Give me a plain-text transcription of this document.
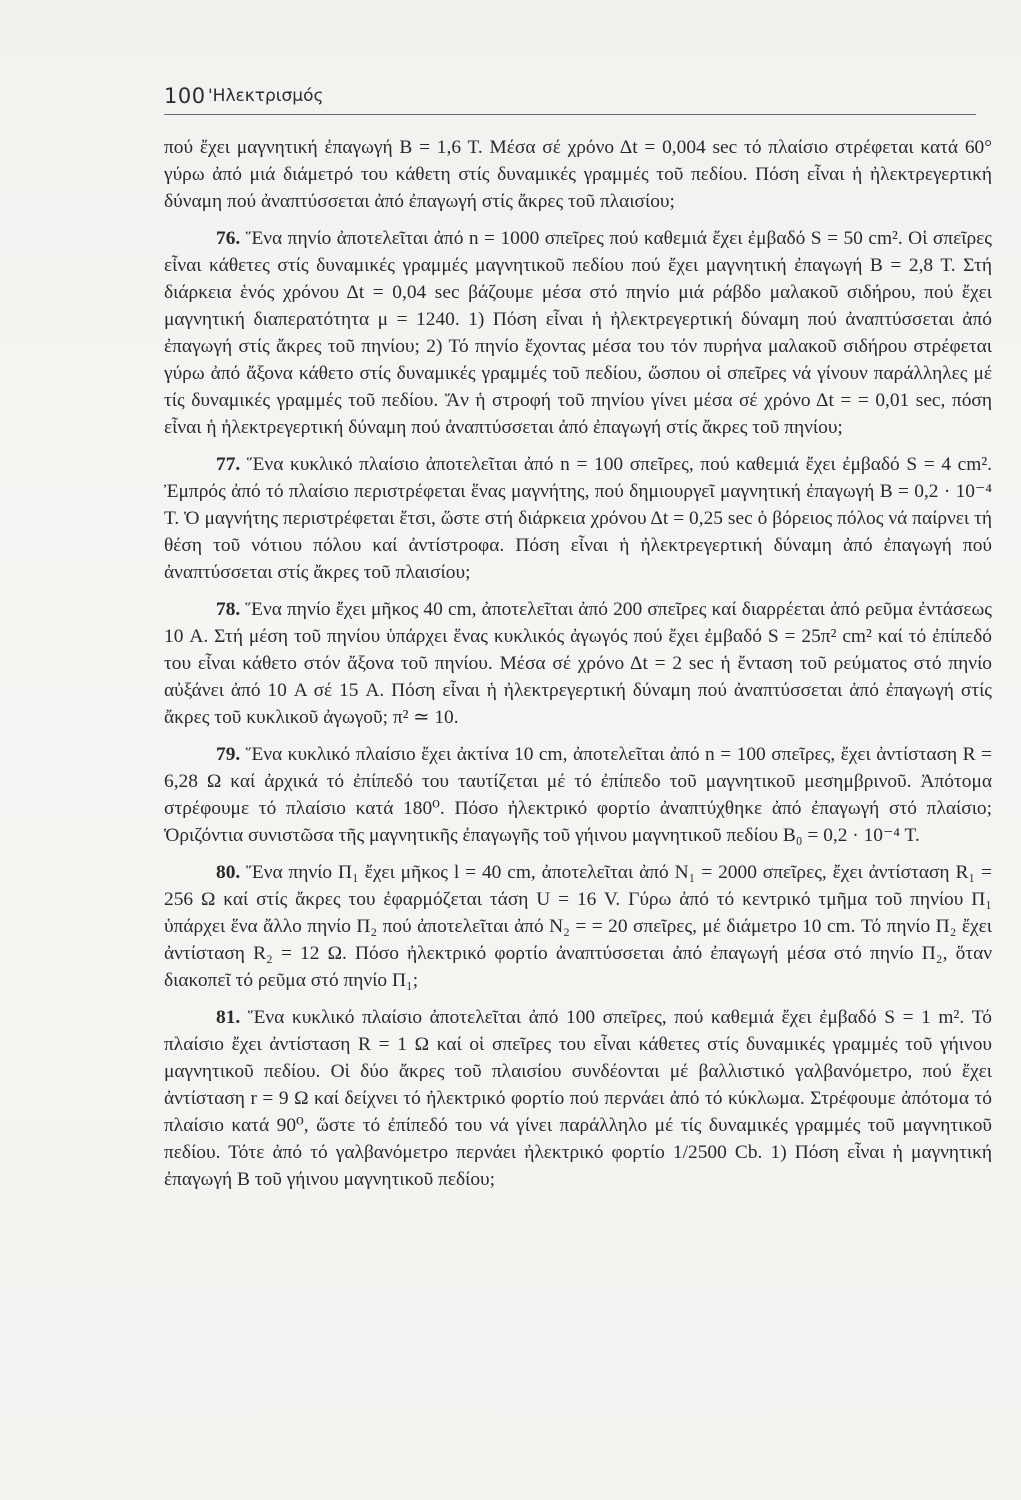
100 'Ηλεκτρισμός

πού ἔχει μαγνητική ἐπαγωγή B = 1,6 T. Μέσα σέ χρόνο Δt = 0,004 sec τό πλαίσιο στρέφεται κατά 60° γύρω ἀπό μιά διάμετρό του κάθετη στίς δυναμικές γραμμές τοῦ πεδίου. Πόση εἶναι ἡ ἠλεκτρεγερτική δύναμη πού ἀναπτύσσεται ἀπό ἐπαγωγή στίς ἄκρες τοῦ πλαισίου;

76. Ἕνα πηνίο ἀποτελεῖται ἀπό n = 1000 σπεῖρες πού καθεμιά ἔχει ἐμβαδό S = 50 cm². Οἱ σπεῖρες εἶναι κάθετες στίς δυναμικές γραμμές μαγνητικοῦ πεδίου πού ἔχει μαγνητική ἐπαγωγή B = 2,8 T. Στή διάρκεια ἑνός χρόνου Δt = 0,04 sec βάζουμε μέσα στό πηνίο μιά ράβδο μαλακοῦ σιδήρου, πού ἔχει μαγνητική διαπερατότητα μ = 1240. 1) Πόση εἶναι ἡ ἠλεκτρεγερτική δύναμη πού ἀναπτύσσεται ἀπό ἐπαγωγή στίς ἄκρες τοῦ πηνίου; 2) Τό πηνίο ἔχοντας μέσα του τόν πυρήνα μαλακοῦ σιδήρου στρέφεται γύρω ἀπό ἄξονα κάθετο στίς δυναμικές γραμμές τοῦ πεδίου, ὥσπου οἱ σπεῖρες νά γίνουν παράλληλες μέ τίς δυναμικές γραμμές τοῦ πεδίου. Ἄν ἡ στροφή τοῦ πηνίου γίνει μέσα σέ χρόνο Δt = = 0,01 sec, πόση εἶναι ἡ ἠλεκτρεγερτική δύναμη πού ἀναπτύσσεται ἀπό ἐπαγωγή στίς ἄκρες τοῦ πηνίου;

77. Ἕνα κυκλικό πλαίσιο ἀποτελεῖται ἀπό n = 100 σπεῖρες, πού καθεμιά ἔχει ἐμβαδό S = 4 cm². Ἐμπρός ἀπό τό πλαίσιο περιστρέφεται ἕνας μαγνήτης, πού δημιουργεῖ μαγνητική ἐπαγωγή B = 0,2 · 10⁻⁴ T. Ὁ μαγνήτης περιστρέφεται ἔτσι, ὥστε στή διάρκεια χρόνου Δt = 0,25 sec ὁ βόρειος πόλος νά παίρνει τή θέση τοῦ νότιου πόλου καί ἀντίστροφα. Πόση εἶναι ἡ ἠλεκτρεγερτική δύναμη ἀπό ἐπαγωγή πού ἀναπτύσσεται στίς ἄκρες τοῦ πλαισίου;

78. Ἕνα πηνίο ἔχει μῆκος 40 cm, ἀποτελεῖται ἀπό 200 σπεῖρες καί διαρρέεται ἀπό ρεῦμα ἐντάσεως 10 A. Στή μέση τοῦ πηνίου ὑπάρχει ἕνας κυκλικός ἀγωγός πού ἔχει ἐμβαδό S = 25π² cm² καί τό ἐπίπεδό του εἶναι κάθετο στόν ἄξονα τοῦ πηνίου. Μέσα σέ χρόνο Δt = 2 sec ἡ ἔνταση τοῦ ρεύματος στό πηνίο αὐξάνει ἀπό 10 A σέ 15 A. Πόση εἶναι ἡ ἠλεκτρεγερτική δύναμη πού ἀναπτύσσεται ἀπό ἐπαγωγή στίς ἄκρες τοῦ κυκλικοῦ ἀγωγοῦ; π² ≃ 10.

79. Ἕνα κυκλικό πλαίσιο ἔχει ἀκτίνα 10 cm, ἀποτελεῖται ἀπό n = 100 σπεῖρες, ἔχει ἀντίσταση R = 6,28 Ω καί ἀρχικά τό ἐπίπεδό του ταυτίζεται μέ τό ἐπίπεδο τοῦ μαγνητικοῦ μεσημβρινοῦ. Ἀπότομα στρέφουμε τό πλαίσιο κατά 180⁰. Πόσο ἠλεκτρικό φορτίο ἀναπτύχθηκε ἀπό ἐπαγωγή στό πλαίσιο; Ὁριζόντια συνιστῶσα τῆς μαγνητικῆς ἐπαγωγῆς τοῦ γήινου μαγνητικοῦ πεδίου B₀ = 0,2 · 10⁻⁴ T.

80. Ἕνα πηνίο Π₁ ἔχει μῆκος l = 40 cm, ἀποτελεῖται ἀπό N₁ = 2000 σπεῖρες, ἔχει ἀντίσταση R₁ = 256 Ω καί στίς ἄκρες του ἐφαρμόζεται τάση U = 16 V. Γύρω ἀπό τό κεντρικό τμῆμα τοῦ πηνίου Π₁ ὑπάρχει ἕνα ἄλλο πηνίο Π₂ πού ἀποτελεῖται ἀπό N₂ = = 20 σπεῖρες, μέ διάμετρο 10 cm. Τό πηνίο Π₂ ἔχει ἀντίσταση R₂ = 12 Ω. Πόσο ἠλεκτρικό φορτίο ἀναπτύσσεται ἀπό ἐπαγωγή μέσα στό πηνίο Π₂, ὅταν διακοπεῖ τό ρεῦμα στό πηνίο Π₁;

81. Ἕνα κυκλικό πλαίσιο ἀποτελεῖται ἀπό 100 σπεῖρες, πού καθεμιά ἔχει ἐμβαδό S = 1 m². Τό πλαίσιο ἔχει ἀντίσταση R = 1 Ω καί οἱ σπεῖρες του εἶναι κάθετες στίς δυναμικές γραμμές τοῦ γήινου μαγνητικοῦ πεδίου. Οἱ δύο ἄκρες τοῦ πλαισίου συνδέονται μέ βαλλιστικό γαλβανόμετρο, πού ἔχει ἀντίσταση r = 9 Ω καί δείχνει τό ἠλεκτρικό φορτίο πού περνάει ἀπό τό κύκλωμα. Στρέφουμε ἀπότομα τό πλαίσιο κατά 90⁰, ὥστε τό ἐπίπεδό του νά γίνει παράλληλο μέ τίς δυναμικές γραμμές τοῦ μαγνητικοῦ πεδίου. Τότε ἀπό τό γαλβανόμετρο περνάει ἠλεκτρικό φορτίο 1/2500 Cb. 1) Πόση εἶναι ἡ μαγνητική ἐπαγωγή B τοῦ γήινου μαγνητικοῦ πεδίου;
